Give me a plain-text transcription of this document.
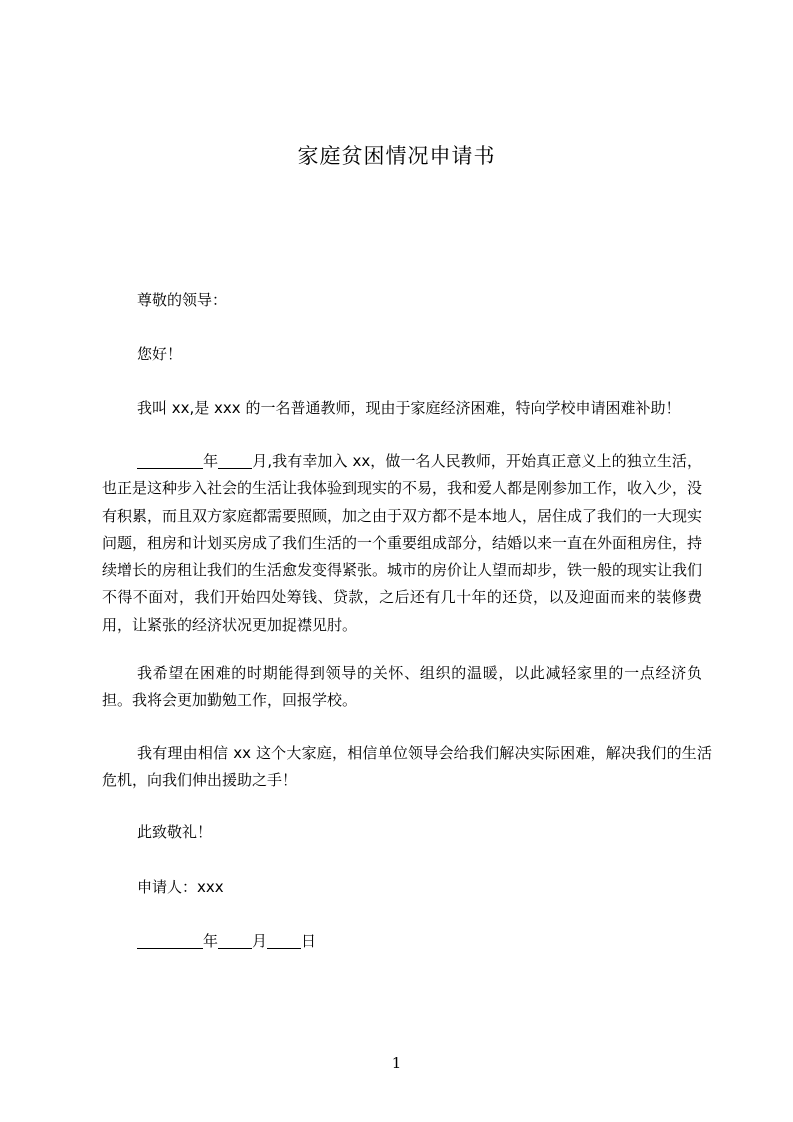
家庭贫困情况申请书

尊敬的领导：

您好！

我叫 xx,是 xxx 的一名普通教师，现由于家庭经济困难，特向学校申请困难补助！

年 月,我有幸加入 xx，做一名人民教师，开始真正意义上的独立生活，也正是这种步入社会的生活让我体验到现实的不易，我和爱人都是刚参加工作，收入少，没有积累，而且双方家庭都需要照顾，加之由于双方都不是本地人，居住成了我们的一大现实问题，租房和计划买房成了我们生活的一个重要组成部分，结婚以来一直在外面租房住，持续增长的房租让我们的生活愈发变得紧张。城市的房价让人望而却步，铁一般的现实让我们不得不面对，我们开始四处筹钱、贷款，之后还有几十年的还贷，以及迎面而来的装修费用，让紧张的经济状况更加捉襟见肘。

我希望在困难的时期能得到领导的关怀、组织的温暖，以此减轻家里的一点经济负担。我将会更加勤勉工作，回报学校。

我有理由相信 xx 这个大家庭，相信单位领导会给我们解决实际困难，解决我们的生活危机，向我们伸出援助之手！

此致敬礼！

申请人：xxx

年 月 日
1
